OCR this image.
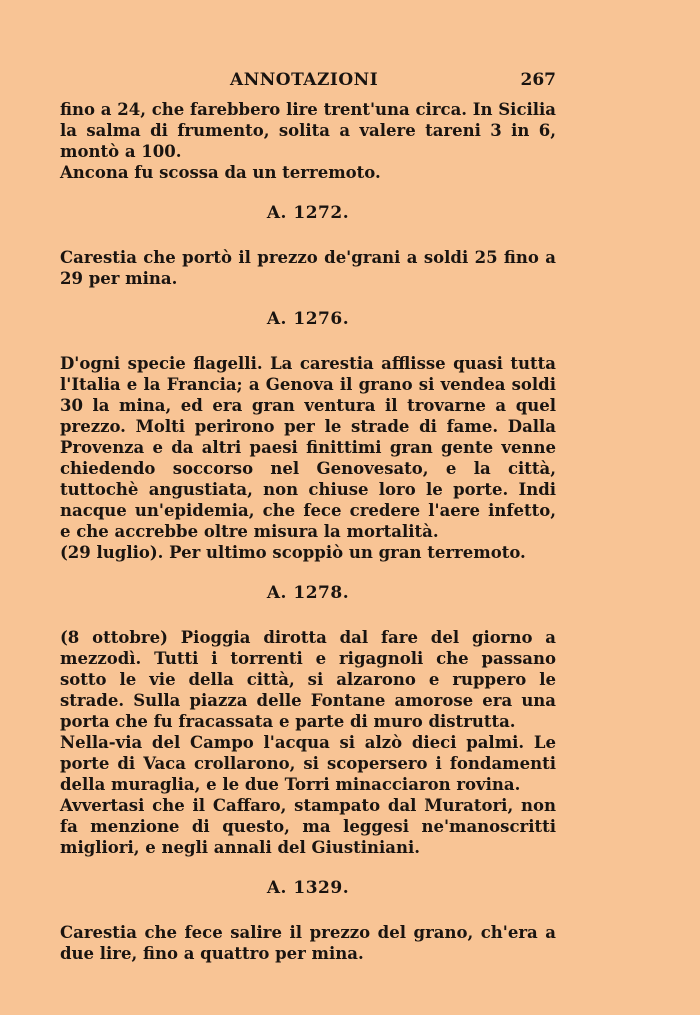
ANNOTAZIONI	267

fino a 24, che farebbero lire trent'una circa. In Sicilia la salma di frumento, solita a valere tareni 3 in 6, montò a 100.

Ancona fu scossa da un terremoto.

A. 1272.

Carestia che portò il prezzo de'grani a soldi 25 fino a 29 per mina.

A. 1276.

D'ogni specie flagelli. La carestia afflisse quasi tutta l'Italia e la Francia; a Genova il grano si vendea soldi 30 la mina, ed era gran ventura il trovarne a quel prezzo. Molti perirono per le strade di fame. Dalla Provenza e da altri paesi finittimi gran gente venne chiedendo soccorso nel Genovesato, e la città, tuttochè angustiata, non chiuse loro le porte. Indi nacque un'epidemia, che fece credere l'aere infetto, e che accrebbe oltre misura la mortalità.

(29 luglio). Per ultimo scoppiò un gran terremoto.

A. 1278.

(8 ottobre) Pioggia dirotta dal fare del giorno a mezzodì. Tutti i torrenti e rigagnoli che passano sotto le vie della città, si alzarono e ruppero le strade. Sulla piazza delle Fontane amorose era una porta che fu fracassata e parte di muro distrutta.

Nella-via del Campo l'acqua si alzò dieci palmi. Le porte di Vaca crollarono, si scopersero i fondamenti della muraglia, e le due Torri minacciaron rovina.

Avvertasi che il Caffaro, stampato dal Muratori, non fa menzione di questo, ma leggesi ne'manoscritti migliori, e negli annali del Giustiniani.

A. 1329.

Carestia che fece salire il prezzo del grano, ch'era a due lire, fino a quattro per mina.
